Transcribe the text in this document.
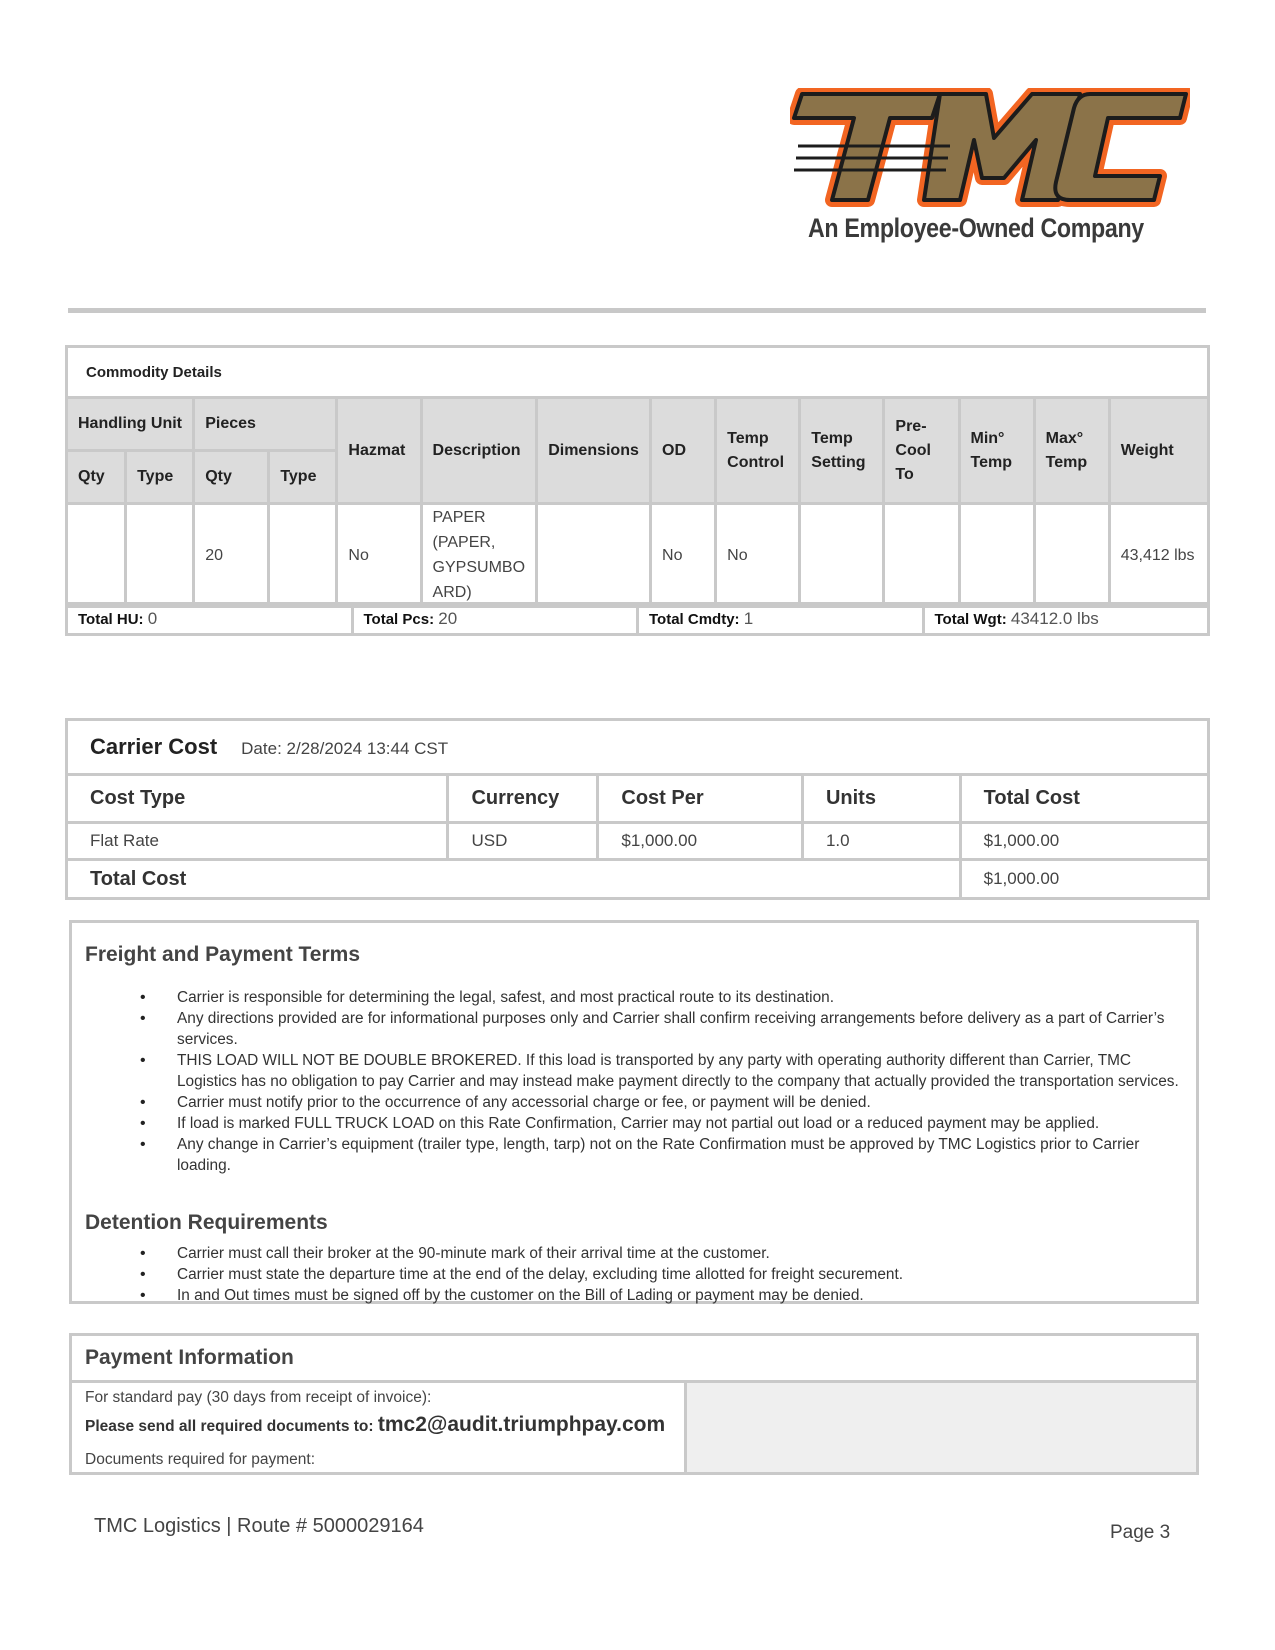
An Employee-Owned Company
Commodity Details													
Handling Unit		Pieces		Hazmat	Description	Dimensions	OD	Temp Control	Temp Setting	Pre- Cool To	Min° Temp	Max° Temp	Weight
Qty	Type	Qty	Type										
		20		No	PAPER (PAPER, GYPSUMBO ARD)		No	No					43,412 lbs
Total HU: 0	Total Pcs: 20	Total Cmdty: 1	Total Wgt: 43412.0 lbs
Carrier Cost Date: 2/28/2024 13:44 CST				
Cost Type	Currency	Cost Per	Units	Total Cost
Flat Rate	USD	$1,000.00	1.0	$1,000.00
Total Cost				$1,000.00
Freight and Payment Terms
• Carrier is responsible for determining the legal, safest, and most practical route to its destination.
• Any directions provided are for informational purposes only and Carrier shall confirm receiving arrangements before delivery as a part of Carrier’s services.
• THIS LOAD WILL NOT BE DOUBLE BROKERED. If this load is transported by any party with operating authority different than Carrier, TMC Logistics has no obligation to pay Carrier and may instead make payment directly to the company that actually provided the transportation services.
• Carrier must notify prior to the occurrence of any accessorial charge or fee, or payment will be denied.
• If load is marked FULL TRUCK LOAD on this Rate Confirmation, Carrier may not partial out load or a reduced payment may be applied.
• Any change in Carrier’s equipment (trailer type, length, tarp) not on the Rate Confirmation must be approved by TMC Logistics prior to Carrier loading.
Detention Requirements
• Carrier must call their broker at the 90-minute mark of their arrival time at the customer.
• Carrier must state the departure time at the end of the delay, excluding time allotted for freight securement.
• In and Out times must be signed off by the customer on the Bill of Lading or payment may be denied.
Payment Information
For standard pay (30 days from receipt of invoice):
Please send all required documents to: tmc2@audit.triumphpay.com
Documents required for payment:
TMC Logistics | Route # 5000029164	Page 3
